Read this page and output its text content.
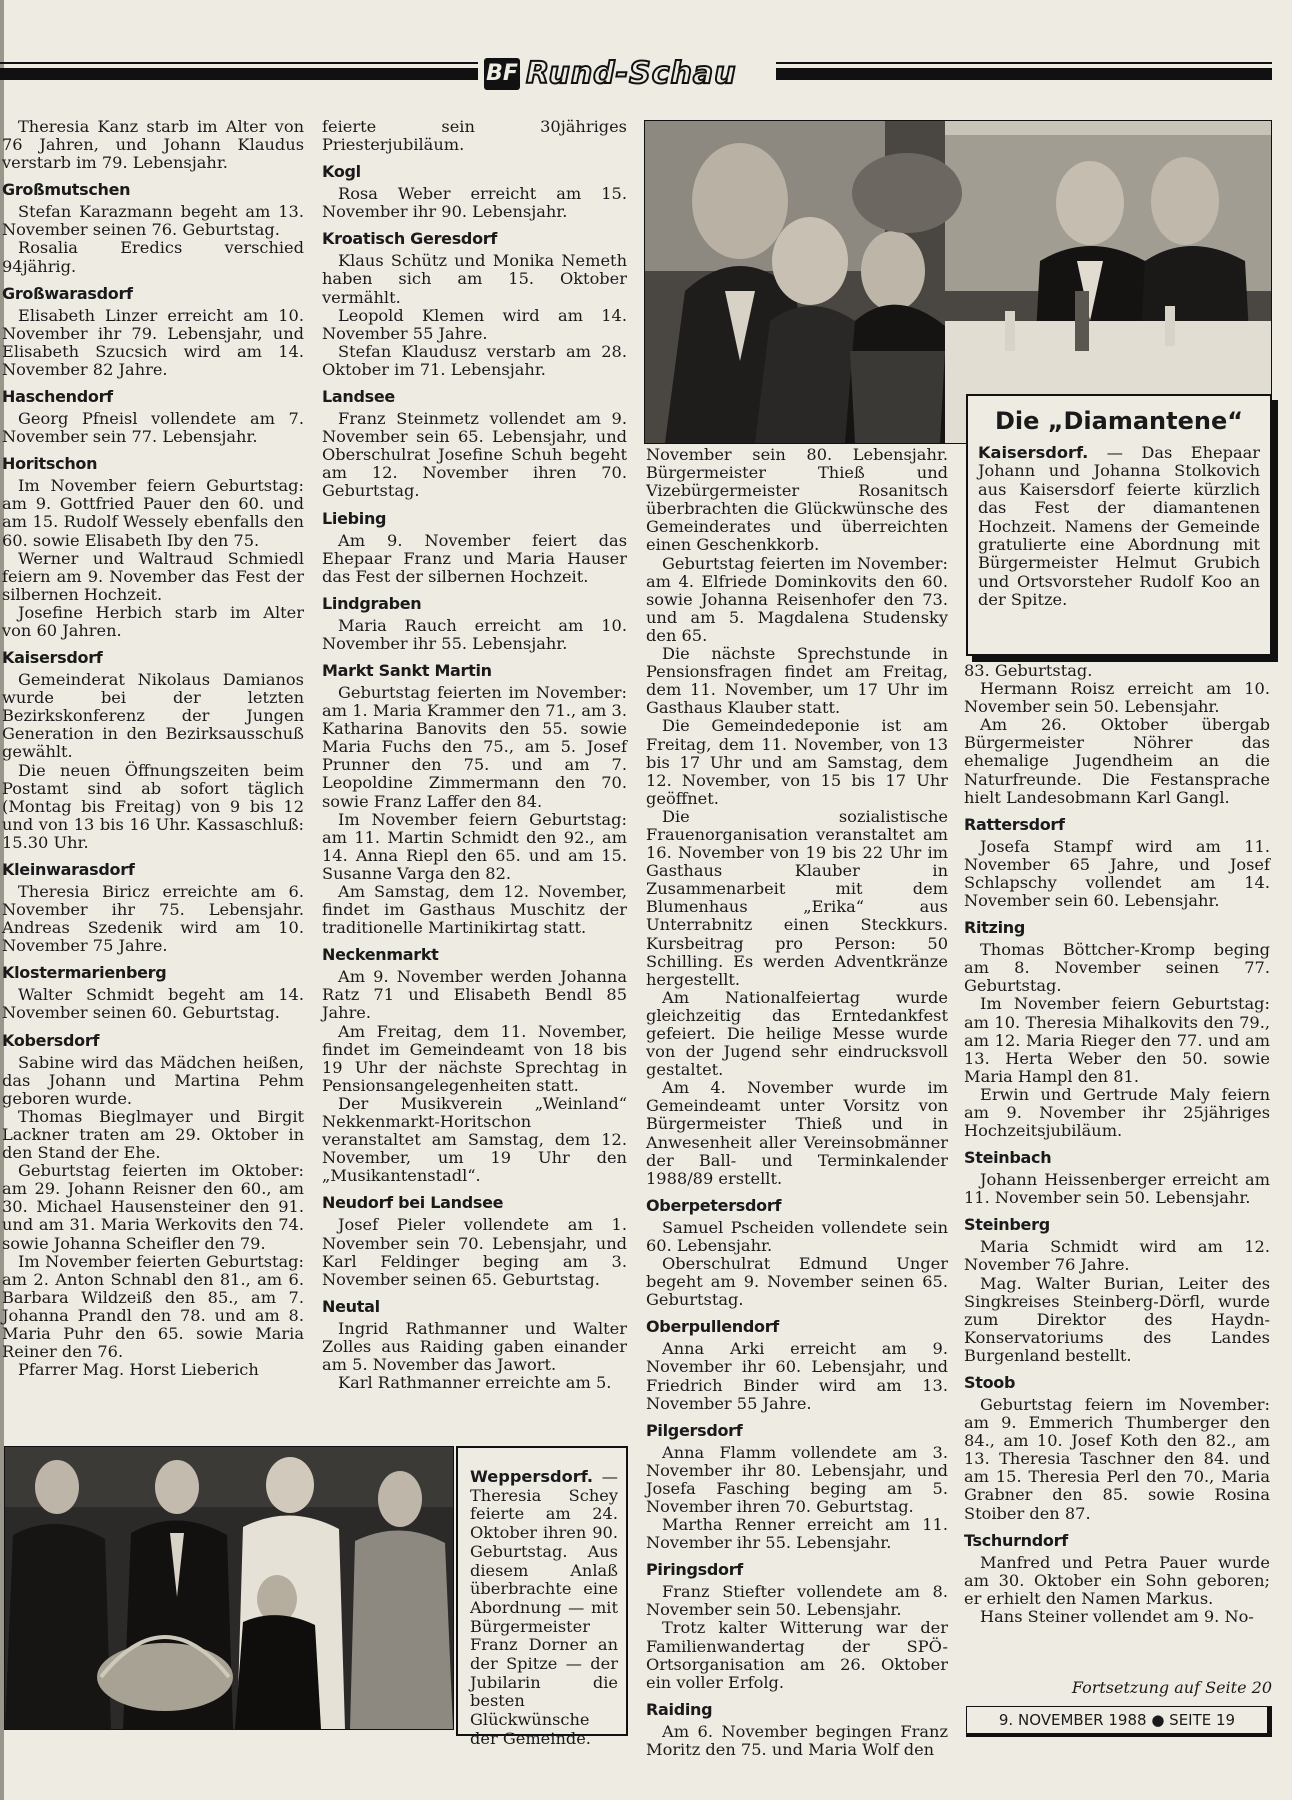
BF Rund-Schau
Theresia Kanz starb im Alter von 76 Jahren, und Johann Klaudus verstarb im 79. Lebensjahr.
Großmutschen
Stefan Karazmann begeht am 13. November seinen 76. Geburtstag.
Rosalia Eredics verschied 94jährig.
Großwarasdorf
Elisabeth Linzer erreicht am 10. November ihr 79. Lebensjahr, und Elisabeth Szucsich wird am 14. November 82 Jahre.
Haschendorf
Georg Pfneisl vollendete am 7. November sein 77. Lebensjahr.
Horitschon
Im November feiern Geburtstag: am 9. Gottfried Pauer den 60. und am 15. Rudolf Wessely ebenfalls den 60. sowie Elisabeth Iby den 75.
Werner und Waltraud Schmiedl feiern am 9. November das Fest der silbernen Hochzeit.
Josefine Herbich starb im Alter von 60 Jahren.
Kaisersdorf
Gemeinderat Nikolaus Damianos wurde bei der letzten Bezirkskonferenz der Jungen Generation in den Bezirksausschuß gewählt.
Die neuen Öffnungszeiten beim Postamt sind ab sofort täglich (Montag bis Freitag) von 9 bis 12 und von 13 bis 16 Uhr. Kassaschluß: 15.30 Uhr.
Kleinwarasdorf
Theresia Biricz erreichte am 6. November ihr 75. Lebensjahr. Andreas Szedenik wird am 10. November 75 Jahre.
Klostermarienberg
Walter Schmidt begeht am 14. November seinen 60. Geburtstag.
Kobersdorf
Sabine wird das Mädchen heißen, das Johann und Martina Pehm geboren wurde.
Thomas Bieglmayer und Birgit Lackner traten am 29. Oktober in den Stand der Ehe.
Geburtstag feierten im Oktober: am 29. Johann Reisner den 60., am 30. Michael Hausensteiner den 91. und am 31. Maria Werkovits den 74. sowie Johanna Scheifler den 79.
Im November feierten Geburtstag: am 2. Anton Schnabl den 81., am 6. Barbara Wildzeiß den 85., am 7. Johanna Prandl den 78. und am 8. Maria Puhr den 65. sowie Maria Reiner den 76.
Pfarrer Mag. Horst Lieberich
feierte sein 30jähriges Priesterjubiläum.
Kogl
Rosa Weber erreicht am 15. November ihr 90. Lebensjahr.
Kroatisch Geresdorf
Klaus Schütz und Monika Nemeth haben sich am 15. Oktober vermählt.
Leopold Klemen wird am 14. November 55 Jahre.
Stefan Klaudusz verstarb am 28. Oktober im 71. Lebensjahr.
Landsee
Franz Steinmetz vollendet am 9. November sein 65. Lebensjahr, und Oberschulrat Josefine Schuh begeht am 12. November ihren 70. Geburtstag.
Liebing
Am 9. November feiert das Ehepaar Franz und Maria Hauser das Fest der silbernen Hochzeit.
Lindgraben
Maria Rauch erreicht am 10. November ihr 55. Lebensjahr.
Markt Sankt Martin
Geburtstag feierten im November: am 1. Maria Krammer den 71., am 3. Katharina Banovits den 55. sowie Maria Fuchs den 75., am 5. Josef Prunner den 75. und am 7. Leopoldine Zimmermann den 70. sowie Franz Laffer den 84.
Im November feiern Geburtstag: am 11. Martin Schmidt den 92., am 14. Anna Riepl den 65. und am 15. Susanne Varga den 82.
Am Samstag, dem 12. November, findet im Gasthaus Muschitz der traditionelle Martinikirtag statt.
Neckenmarkt
Am 9. November werden Johanna Ratz 71 und Elisabeth Bendl 85 Jahre.
Am Freitag, dem 11. November, findet im Gemeindeamt von 18 bis 19 Uhr der nächste Sprechtag in Pensionsangelegenheiten statt.
Der Musikverein „Weinland“ Nekkenmarkt-Horitschon veranstaltet am Samstag, dem 12. November, um 19 Uhr den „Musikantenstadl“.
Neudorf bei Landsee
Josef Pieler vollendete am 1. November sein 70. Lebensjahr, und Karl Feldinger beging am 3. November seinen 65. Geburtstag.
Neutal
Ingrid Rathmanner und Walter Zolles aus Raiding gaben einander am 5. November das Jawort.
Karl Rathmanner erreichte am 5.
November sein 80. Lebensjahr. Bürgermeister Thieß und Vizebürgermeister Rosanitsch überbrachten die Glückwünsche des Gemeinderates und überreichten einen Geschenkkorb.
Geburtstag feierten im November: am 4. Elfriede Dominkovits den 60. sowie Johanna Reisenhofer den 73. und am 5. Magdalena Studensky den 65.
Die nächste Sprechstunde in Pensionsfragen findet am Freitag, dem 11. November, um 17 Uhr im Gasthaus Klauber statt.
Die Gemeindedeponie ist am Freitag, dem 11. November, von 13 bis 17 Uhr und am Samstag, dem 12. November, von 15 bis 17 Uhr geöffnet.
Die sozialistische Frauenorganisation veranstaltet am 16. November von 19 bis 22 Uhr im Gasthaus Klauber in Zusammenarbeit mit dem Blumenhaus „Erika“ aus Unterrabnitz einen Steckkurs. Kursbeitrag pro Person: 50 Schilling. Es werden Adventkränze hergestellt.
Am Nationalfeiertag wurde gleichzeitig das Erntedankfest gefeiert. Die heilige Messe wurde von der Jugend sehr eindrucksvoll gestaltet.
Am 4. November wurde im Gemeindeamt unter Vorsitz von Bürgermeister Thieß und in Anwesenheit aller Vereinsobmänner der Ball- und Terminkalender 1988/89 erstellt.
Oberpetersdorf
Samuel Pscheiden vollendete sein 60. Lebensjahr.
Oberschulrat Edmund Unger begeht am 9. November seinen 65. Geburtstag.
Oberpullendorf
Anna Arki erreicht am 9. November ihr 60. Lebensjahr, und Friedrich Binder wird am 13. November 55 Jahre.
Pilgersdorf
Anna Flamm vollendete am 3. November ihr 80. Lebensjahr, und Josefa Fasching beging am 5. November ihren 70. Geburtstag.
Martha Renner erreicht am 11. November ihr 55. Lebensjahr.
Piringsdorf
Franz Stiefter vollendete am 8. November sein 50. Lebensjahr.
Trotz kalter Witterung war der Familienwandertag der SPÖ-Ortsorganisation am 26. Oktober ein voller Erfolg.
Raiding
Am 6. November begingen Franz Moritz den 75. und Maria Wolf den
83. Geburtstag.
Hermann Roisz erreicht am 10. November sein 50. Lebensjahr.
Am 26. Oktober übergab Bürgermeister Nöhrer das ehemalige Jugendheim an die Naturfreunde. Die Festansprache hielt Landesobmann Karl Gangl.
Rattersdorf
Josefa Stampf wird am 11. November 65 Jahre, und Josef Schlapschy vollendet am 14. November sein 60. Lebensjahr.
Ritzing
Thomas Böttcher-Kromp beging am 8. November seinen 77. Geburtstag.
Im November feiern Geburtstag: am 10. Theresia Mihalkovits den 79., am 12. Maria Rieger den 77. und am 13. Herta Weber den 50. sowie Maria Hampl den 81.
Erwin und Gertrude Maly feiern am 9. November ihr 25jähriges Hochzeitsjubiläum.
Steinbach
Johann Heissenberger erreicht am 11. November sein 50. Lebensjahr.
Steinberg
Maria Schmidt wird am 12. November 76 Jahre.
Mag. Walter Burian, Leiter des Singkreises Steinberg-Dörfl, wurde zum Direktor des Haydn-Konservatoriums des Landes Burgenland bestellt.
Stoob
Geburtstag feiern im November: am 9. Emmerich Thumberger den 84., am 10. Josef Koth den 82., am 13. Theresia Taschner den 84. und am 15. Theresia Perl den 70., Maria Grabner den 85. sowie Rosina Stoiber den 87.
Tschurndorf
Manfred und Petra Pauer wurde am 30. Oktober ein Sohn geboren; er erhielt den Namen Markus.
Hans Steiner vollendet am 9. No-
Die „Diamantene“

Kaisersdorf. — Das Ehepaar Johann und Johanna Stolkovich aus Kaisersdorf feierte kürzlich das Fest der diamantenen Hochzeit. Namens der Gemeinde gratulierte eine Abordnung mit Bürgermeister Helmut Grubich und Ortsvorsteher Rudolf Koo an der Spitze.

Weppersdorf. — Theresia Schey feierte am 24. Oktober ihren 90. Geburtstag. Aus diesem Anlaß überbrachte eine Abordnung — mit Bürgermeister Franz Dorner an der Spitze — der Jubilarin die besten Glückwünsche der Gemeinde.

Fortsetzung auf Seite 20
9. NOVEMBER 1988 ● SEITE 19
